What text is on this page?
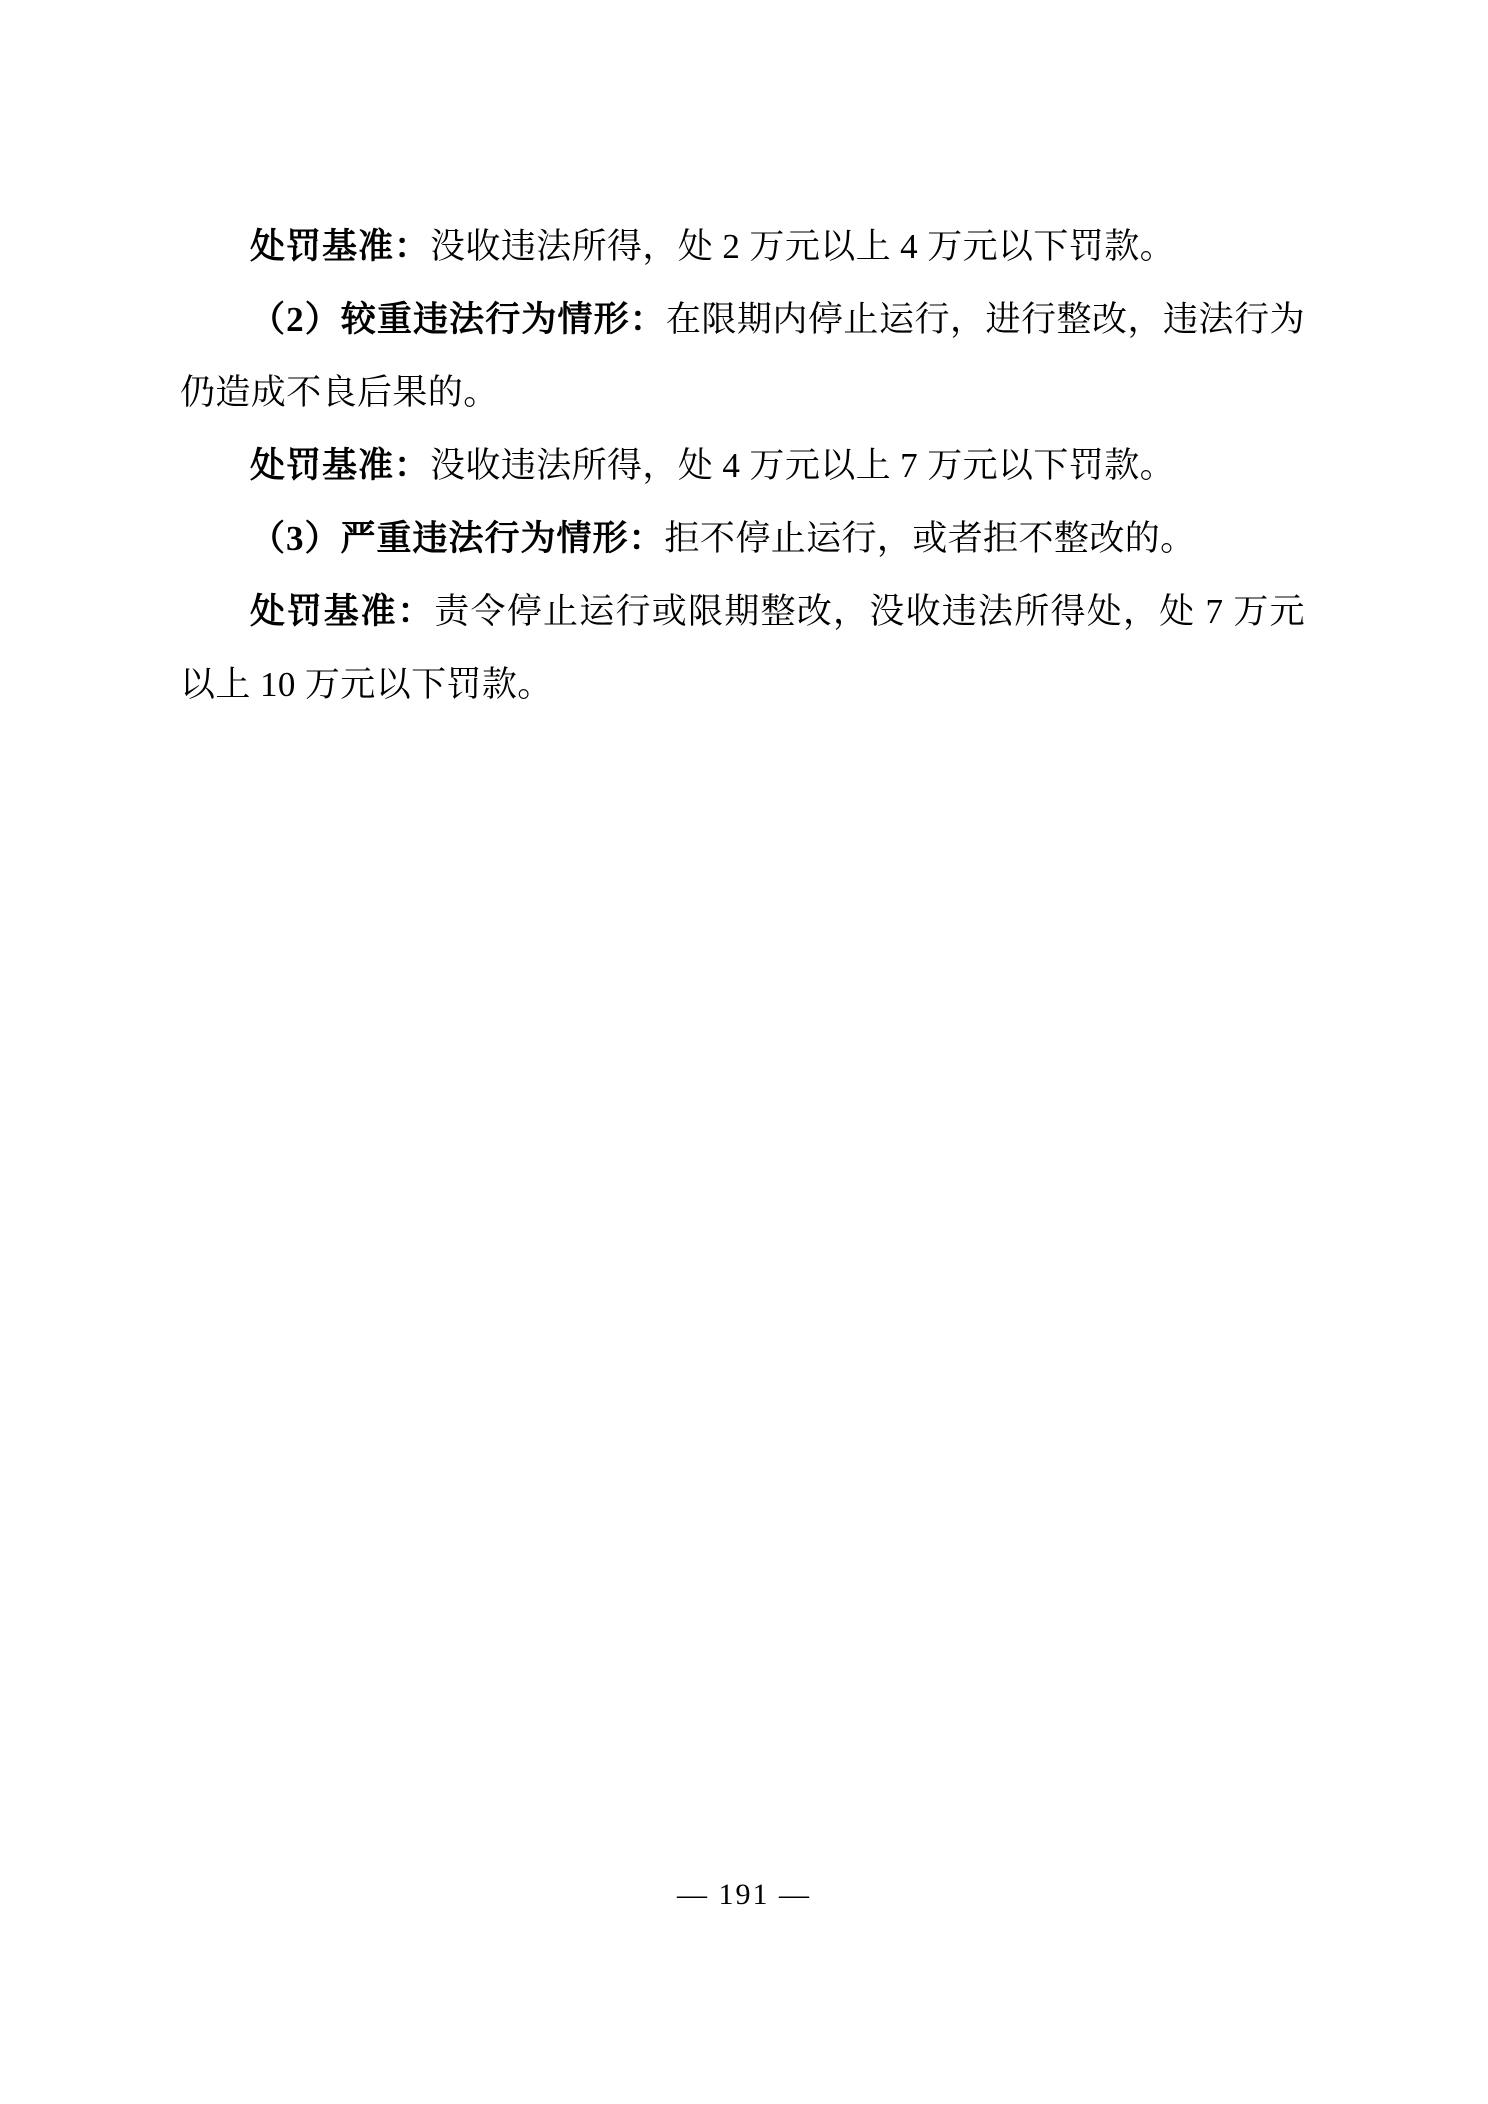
处罚基准：没收违法所得，处 2 万元以上 4 万元以下罚款。

（2）较重违法行为情形：在限期内停止运行，进行整改，违法行为仍造成不良后果的。

处罚基准：没收违法所得，处 4 万元以上 7 万元以下罚款。

（3）严重违法行为情形：拒不停止运行，或者拒不整改的。

处罚基准：责令停止运行或限期整改，没收违法所得处，处 7 万元以上 10 万元以下罚款。

— 191 —
